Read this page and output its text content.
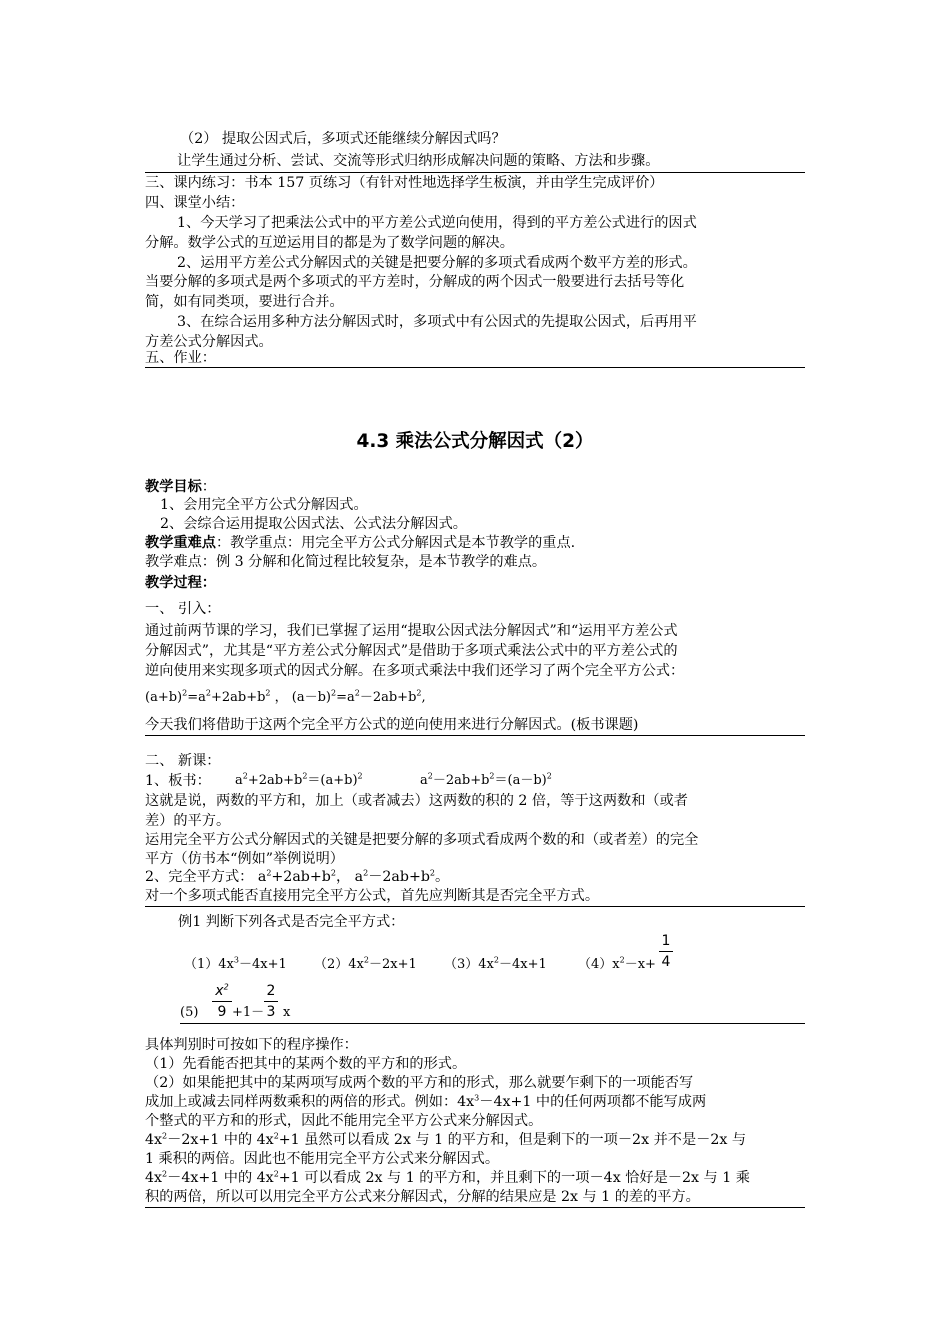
（2） 提取公因式后，多项式还能继续分解因式吗？
让学生通过分析、尝试、交流等形式归纳形成解决问题的策略、方法和步骤。
三、课内练习：书本 157 页练习（有针对性地选择学生板演，并由学生完成评价）
四、课堂小结：
1、今天学习了把乘法公式中的平方差公式逆向使用，得到的平方差公式进行的因式
分解。数学公式的互逆运用目的都是为了数学问题的解决。
2、运用平方差公式分解因式的关键是把要分解的多项式看成两个数平方差的形式。
当要分解的多项式是两个多项式的平方差时，分解成的两个因式一般要进行去括号等化
简，如有同类项，要进行合并。
3、在综合运用多种方法分解因式时，多项式中有公因式的先提取公因式，后再用平
方差公式分解因式。
五、作业：
4.3 乘法公式分解因式（2）
教学目标：
1、会用完全平方公式分解因式。
2、会综合运用提取公因式法、公式法分解因式。
教学重难点：教学重点：用完全平方公式分解因式是本节教学的重点.
教学难点：例 3 分解和化简过程比较复杂，是本节教学的难点。
教学过程：
一、 引入：
通过前两节课的学习，我们已掌握了运用“提取公因式法分解因式”和“运用平方差公式
分解因式”，尤其是“平方差公式分解因式”是借助于多项式乘法公式中的平方差公式的
逆向使用来实现多项式的因式分解。在多项式乘法中我们还学习了两个完全平方公式：
$(a+b)^2=a^2+2ab+b^2$ ， $(a-b)^2=a^2-2ab+b^2$,
今天我们将借助于这两个完全平方公式的逆向使用来进行分解因式。(板书课题)
二、 新课：
1、板书： $a^2+2ab+b^2=(a+b)^2$	$a^2-2ab+b^2=(a-b)^2$
这就是说，两数的平方和，加上（或者减去）这两数的积的 2 倍，等于这两数和（或者
差）的平方。
运用完全平方公式分解因式的关键是把要分解的多项式看成两个数的和（或者差）的完全
平方（仿书本“例如”举例说明）
2、完全平方式： $a^2+2ab+b^2$， $a^2-2ab+b^2$。
对一个多项式能否直接用完全平方公式，首先应判断其是否完全平方式。
例1 判断下列各式是否完全平方式：
$(1)4x^3-4x+1$ $(2)4x^2-2x+1$ $(3)4x^2-4x+1$ $(4)x^2-x+$
1
4
(5)
$x^2$
9 +1－
2
3 x
具体判别时可按如下的程序操作：
（1）先看能否把其中的某两个数的平方和的形式。
（2）如果能把其中的某两项写成两个数的平方和的形式，那么就要乍剩下的一项能否写
成加上或减去同样两数乘积的两倍的形式。例如：$4x^3-4x+1$ 中的任何两项都不能写成两
个整式的平方和的形式，因此不能用完全平方公式来分解因式。
$4x^2-2x+1$ 中的 $4x^2+1$ 虽然可以看成 2x 与 1 的平方和，但是剩下的一项－2x 并不是－2x 与
1 乘积的两倍。因此也不能用完全平方公式来分解因式。
$4x^2-4x+1$ 中的 $4x^2+1$ 可以看成 2x 与 1 的平方和，并且剩下的一项－4x 恰好是－2x 与 1 乘
积的两倍，所以可以用完全平方公式来分解因式，分解的结果应是 2x 与 1 的差的平方。
